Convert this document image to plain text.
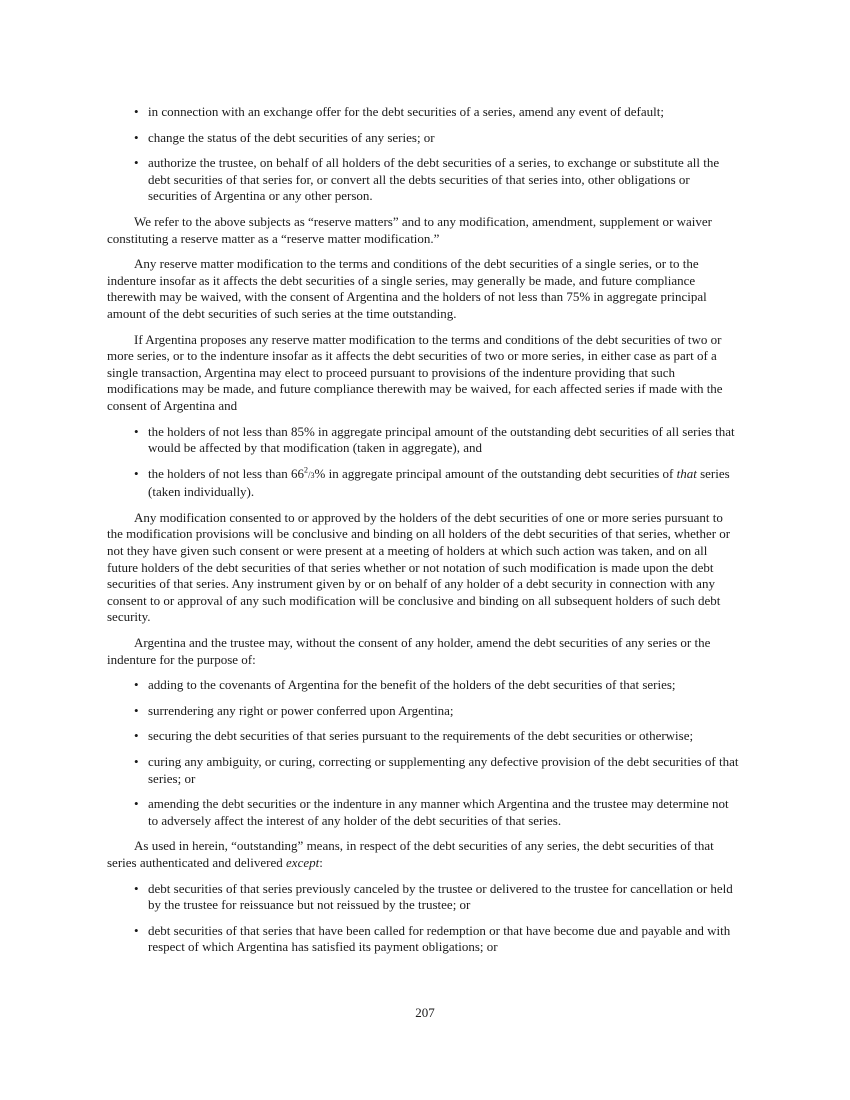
• in connection with an exchange offer for the debt securities of a series, amend any event of default;
• change the status of the debt securities of any series; or
• authorize the trustee, on behalf of all holders of the debt securities of a series, to exchange or substitute all the debt securities of that series for, or convert all the debts securities of that series into, other obligations or securities of Argentina or any other person.

We refer to the above subjects as “reserve matters” and to any modification, amendment, supplement or waiver constituting a reserve matter as a “reserve matter modification.”

Any reserve matter modification to the terms and conditions of the debt securities of a single series, or to the indenture insofar as it affects the debt securities of a single series, may generally be made, and future compliance therewith may be waived, with the consent of Argentina and the holders of not less than 75% in aggregate principal amount of the debt securities of such series at the time outstanding.

If Argentina proposes any reserve matter modification to the terms and conditions of the debt securities of two or more series, or to the indenture insofar as it affects the debt securities of two or more series, in either case as part of a single transaction, Argentina may elect to proceed pursuant to provisions of the indenture providing that such modifications may be made, and future compliance therewith may be waived, for each affected series if made with the consent of Argentina and

• the holders of not less than 85% in aggregate principal amount of the outstanding debt securities of all series that would be affected by that modification (taken in aggregate), and
• the holders of not less than $66^2/3\%$ in aggregate principal amount of the outstanding debt securities of that series (taken individually).

Any modification consented to or approved by the holders of the debt securities of one or more series pursuant to the modification provisions will be conclusive and binding on all holders of the debt securities of that series, whether or not they have given such consent or were present at a meeting of holders at which such action was taken, and on all future holders of the debt securities of that series whether or not notation of such modification is made upon the debt securities of that series. Any instrument given by or on behalf of any holder of a debt security in connection with any consent to or approval of any such modification will be conclusive and binding on all subsequent holders of such debt security.

Argentina and the trustee may, without the consent of any holder, amend the debt securities of any series or the indenture for the purpose of:

• adding to the covenants of Argentina for the benefit of the holders of the debt securities of that series;
• surrendering any right or power conferred upon Argentina;
• securing the debt securities of that series pursuant to the requirements of the debt securities or otherwise;
• curing any ambiguity, or curing, correcting or supplementing any defective provision of the debt securities of that series; or
• amending the debt securities or the indenture in any manner which Argentina and the trustee may determine not to adversely affect the interest of any holder of the debt securities of that series.

As used in herein, “outstanding” means, in respect of the debt securities of any series, the debt securities of that series authenticated and delivered except:

• debt securities of that series previously canceled by the trustee or delivered to the trustee for cancellation or held by the trustee for reissuance but not reissued by the trustee; or
• debt securities of that series that have been called for redemption or that have become due and payable and with respect of which Argentina has satisfied its payment obligations; or
207
